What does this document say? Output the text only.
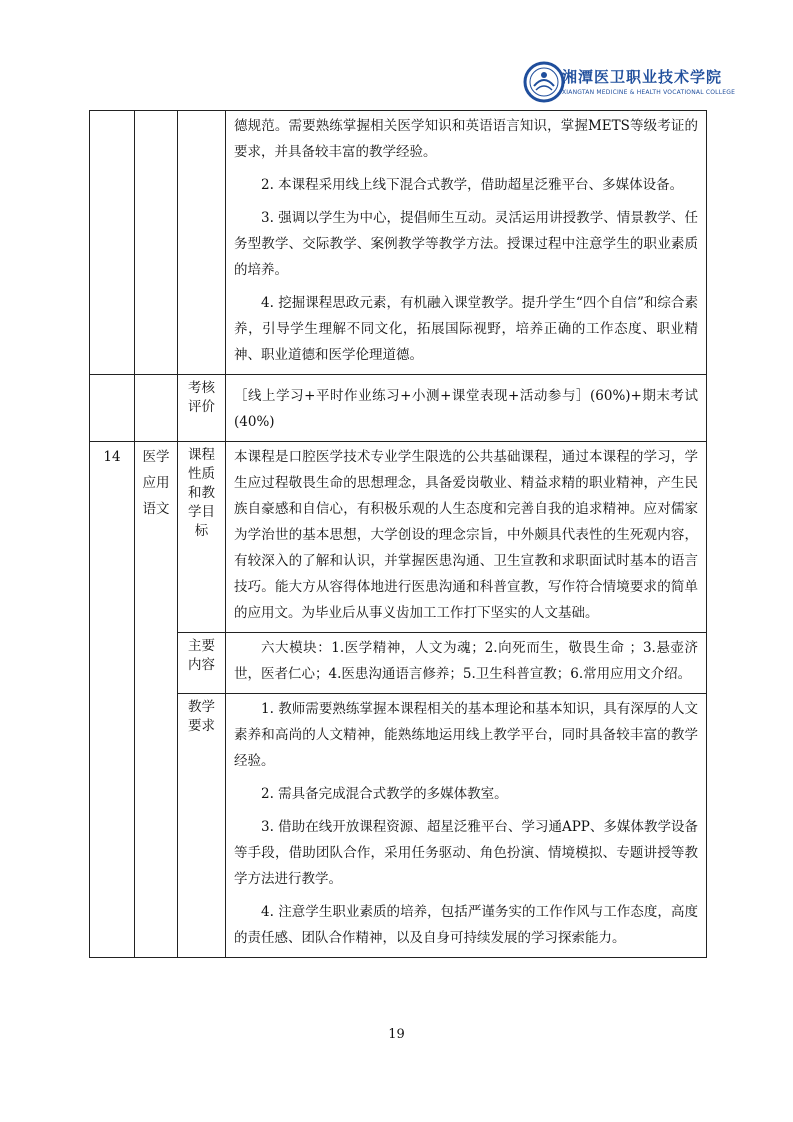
湘潭医卫职业技术学院
XIANGTAN MEDICINE & HEALTH VOCATIONAL COLLEGE

			德规范。需要熟练掌握相关医学知识和英语语言知识，掌握METS等级考证的要求，并具备较丰富的教学经验。

2. 本课程采用线上线下混合式教学，借助超星泛雅平台、多媒体设备。

3. 强调以学生为中心，提倡师生互动。灵活运用讲授教学、情景教学、任务型教学、交际教学、案例教学等教学方法。授课过程中注意学生的职业素质的培养。

4. 挖掘课程思政元素，有机融入课堂教学。提升学生“四个自信”和综合素养，引导学生理解不同文化，拓展国际视野，培养正确的工作态度、职业精神、职业道德和医学伦理道德。

		考核评价	［线上学习+平时作业练习+小测+课堂表现+活动参与］(60%)+期末考试(40%)

14	医学应用语文	课程性质和教学目标	本课程是口腔医学技术专业学生限选的公共基础课程，通过本课程的学习，学生应过程敬畏生命的思想理念，具备爱岗敬业、精益求精的职业精神，产生民族自豪感和自信心，有积极乐观的人生态度和完善自我的追求精神。应对儒家为学治世的基本思想，大学创设的理念宗旨，中外颇具代表性的生死观内容，有较深入的了解和认识，并掌握医患沟通、卫生宣教和求职面试时基本的语言技巧。能大方从容得体地进行医患沟通和科普宣教，写作符合情境要求的简单的应用文。为毕业后从事义齿加工工作打下坚实的人文基础。

		主要内容	六大模块：1.医学精神，人文为魂；2.向死而生，敬畏生命 ；3.悬壶济世，医者仁心；4.医患沟通语言修养；5.卫生科普宣教；6.常用应用文介绍。

		教学要求	1. 教师需要熟练掌握本课程相关的基本理论和基本知识，具有深厚的人文素养和高尚的人文精神，能熟练地运用线上教学平台，同时具备较丰富的教学经验。

2. 需具备完成混合式教学的多媒体教室。

3. 借助在线开放课程资源、超星泛雅平台、学习通APP、多媒体教学设备等手段，借助团队合作，采用任务驱动、角色扮演、情境模拟、专题讲授等教学方法进行教学。

4. 注意学生职业素质的培养，包括严谨务实的工作作风与工作态度，高度的责任感、团队合作精神，以及自身可持续发展的学习探索能力。

19
